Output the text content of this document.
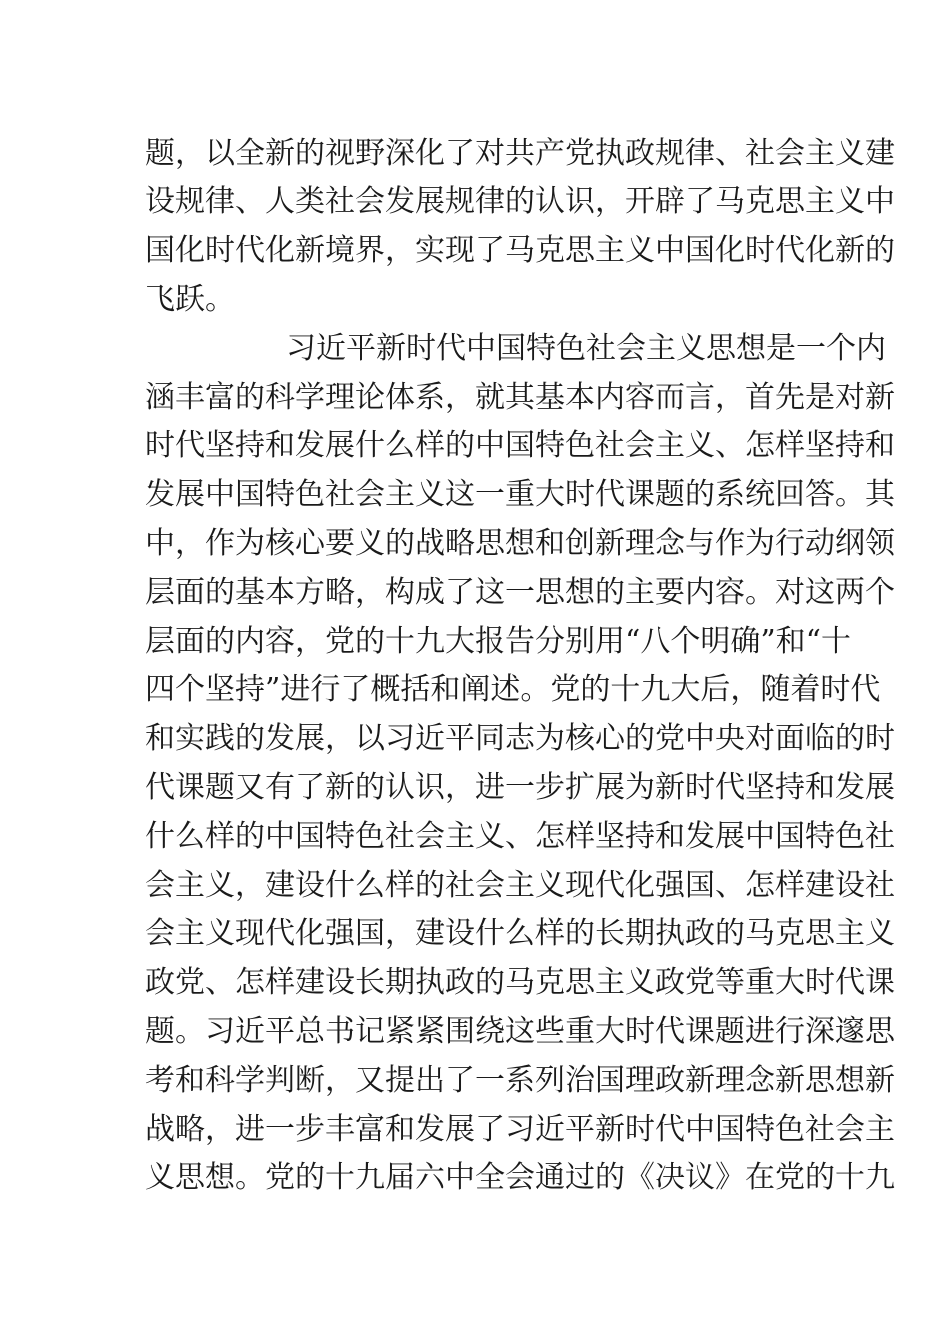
题，以全新的视野深化了对共产党执政规律、社会主义建
设规律、人类社会发展规律的认识，开辟了马克思主义中
国化时代化新境界，实现了马克思主义中国化时代化新的
飞跃。
习近平新时代中国特色社会主义思想是一个内
涵丰富的科学理论体系，就其基本内容而言，首先是对新
时代坚持和发展什么样的中国特色社会主义、怎样坚持和
发展中国特色社会主义这一重大时代课题的系统回答。其
中，作为核心要义的战略思想和创新理念与作为行动纲领
层面的基本方略，构成了这一思想的主要内容。对这两个
层面的内容，党的十九大报告分别用“八个明确”和“十
四个坚持”进行了概括和阐述。党的十九大后，随着时代
和实践的发展，以习近平同志为核心的党中央对面临的时
代课题又有了新的认识，进一步扩展为新时代坚持和发展
什么样的中国特色社会主义、怎样坚持和发展中国特色社
会主义，建设什么样的社会主义现代化强国、怎样建设社
会主义现代化强国，建设什么样的长期执政的马克思主义
政党、怎样建设长期执政的马克思主义政党等重大时代课
题。习近平总书记紧紧围绕这些重大时代课题进行深邃思
考和科学判断，又提出了一系列治国理政新理念新思想新
战略，进一步丰富和发展了习近平新时代中国特色社会主
义思想。党的十九届六中全会通过的《决议》在党的十九
